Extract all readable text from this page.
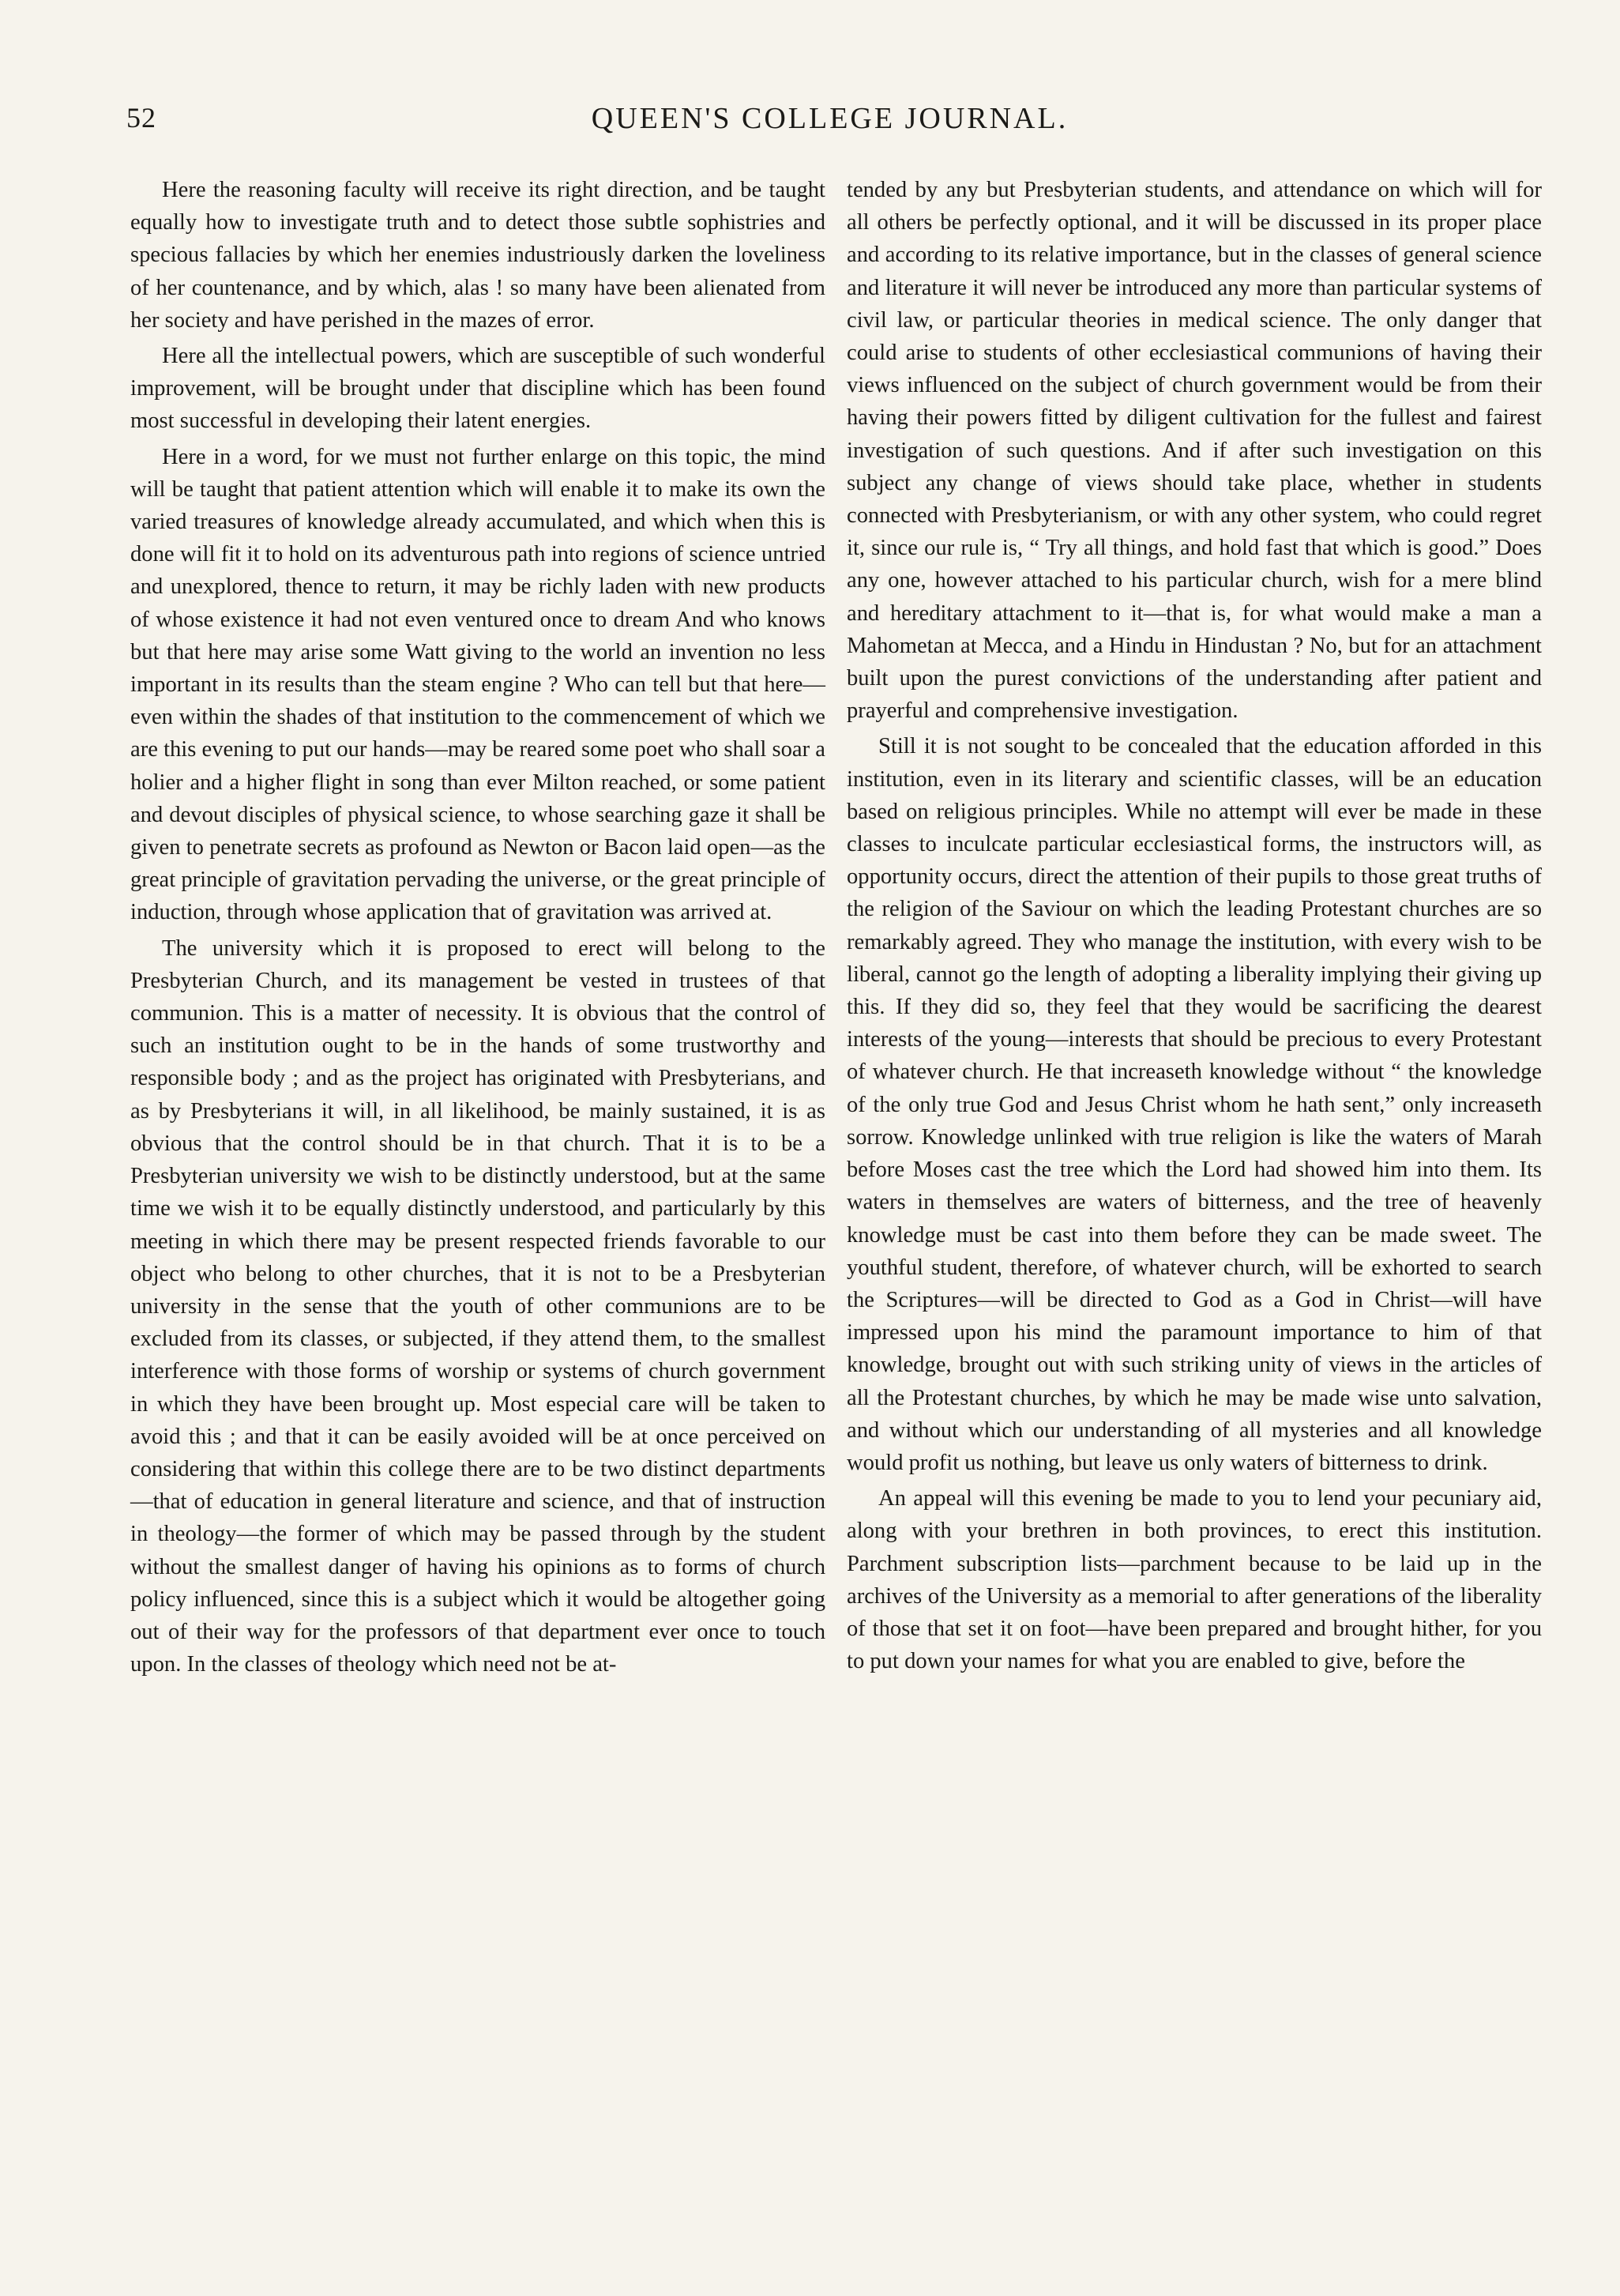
52	QUEEN'S COLLEGE JOURNAL.

Here the reasoning faculty will receive its right direction, and be taught equally how to investigate truth and to detect those subtle sophistries and specious fallacies by which her enemies industriously darken the loveliness of her countenance, and by which, alas ! so many have been alienated from her society and have perished in the mazes of error.

Here all the intellectual powers, which are susceptible of such wonderful improvement, will be brought under that discipline which has been found most successful in developing their latent energies.

Here in a word, for we must not further enlarge on this topic, the mind will be taught that patient attention which will enable it to make its own the varied treasures of knowledge already accumulated, and which when this is done will fit it to hold on its adventurous path into regions of science untried and unexplored, thence to return, it may be richly laden with new products of whose existence it had not even ventured once to dream And who knows but that here may arise some Watt giving to the world an invention no less important in its results than the steam engine ? Who can tell but that here—even within the shades of that institution to the commencement of which we are this evening to put our hands—may be reared some poet who shall soar a holier and a higher flight in song than ever Milton reached, or some patient and devout disciples of physical science, to whose searching gaze it shall be given to penetrate secrets as profound as Newton or Bacon laid open—as the great principle of gravitation pervading the universe, or the great principle of induction, through whose application that of gravitation was arrived at.

The university which it is proposed to erect will belong to the Presbyterian Church, and its management be vested in trustees of that communion. This is a matter of necessity. It is obvious that the control of such an institution ought to be in the hands of some trustworthy and responsible body ; and as the project has originated with Presbyterians, and as by Presbyterians it will, in all likelihood, be mainly sustained, it is as obvious that the control should be in that church. That it is to be a Presbyterian university we wish to be distinctly understood, but at the same time we wish it to be equally distinctly understood, and particularly by this meeting in which there may be present respected friends favorable to our object who belong to other churches, that it is not to be a Presbyterian university in the sense that the youth of other communions are to be excluded from its classes, or subjected, if they attend them, to the smallest interference with those forms of worship or systems of church government in which they have been brought up. Most especial care will be taken to avoid this ; and that it can be easily avoided will be at once perceived on considering that within this college there are to be two distinct departments—that of education in general literature and science, and that of instruction in theology—the former of which may be passed through by the student without the smallest danger of having his opinions as to forms of church policy influenced, since this is a subject which it would be altogether going out of their way for the professors of that department ever once to touch upon. In the classes of theology which need not be at-

tended by any but Presbyterian students, and attendance on which will for all others be perfectly optional, and it will be discussed in its proper place and according to its relative importance, but in the classes of general science and literature it will never be introduced any more than particular systems of civil law, or particular theories in medical science. The only danger that could arise to students of other ecclesiastical communions of having their views influenced on the subject of church government would be from their having their powers fitted by diligent cultivation for the fullest and fairest investigation of such questions. And if after such investigation on this subject any change of views should take place, whether in students connected with Presbyterianism, or with any other system, who could regret it, since our rule is, “ Try all things, and hold fast that which is good.” Does any one, however attached to his particular church, wish for a mere blind and hereditary attachment to it—that is, for what would make a man a Mahometan at Mecca, and a Hindu in Hindustan ? No, but for an attachment built upon the purest convictions of the understanding after patient and prayerful and comprehensive investigation.

Still it is not sought to be concealed that the education afforded in this institution, even in its literary and scientific classes, will be an education based on religious principles. While no attempt will ever be made in these classes to inculcate particular ecclesiastical forms, the instructors will, as opportunity occurs, direct the attention of their pupils to those great truths of the religion of the Saviour on which the leading Protestant churches are so remarkably agreed. They who manage the institution, with every wish to be liberal, cannot go the length of adopting a liberality implying their giving up this. If they did so, they feel that they would be sacrificing the dearest interests of the young—interests that should be precious to every Protestant of whatever church. He that increaseth knowledge without “ the knowledge of the only true God and Jesus Christ whom he hath sent,” only increaseth sorrow. Knowledge unlinked with true religion is like the waters of Marah before Moses cast the tree which the Lord had showed him into them. Its waters in themselves are waters of bitterness, and the tree of heavenly knowledge must be cast into them before they can be made sweet. The youthful student, therefore, of whatever church, will be exhorted to search the Scriptures—will be directed to God as a God in Christ—will have impressed upon his mind the paramount importance to him of that knowledge, brought out with such striking unity of views in the articles of all the Protestant churches, by which he may be made wise unto salvation, and without which our understanding of all mysteries and all knowledge would profit us nothing, but leave us only waters of bitterness to drink.

An appeal will this evening be made to you to lend your pecuniary aid, along with your brethren in both provinces, to erect this institution. Parchment subscription lists—parchment because to be laid up in the archives of the University as a memorial to after generations of the liberality of those that set it on foot—have been prepared and brought hither, for you to put down your names for what you are enabled to give, before the
